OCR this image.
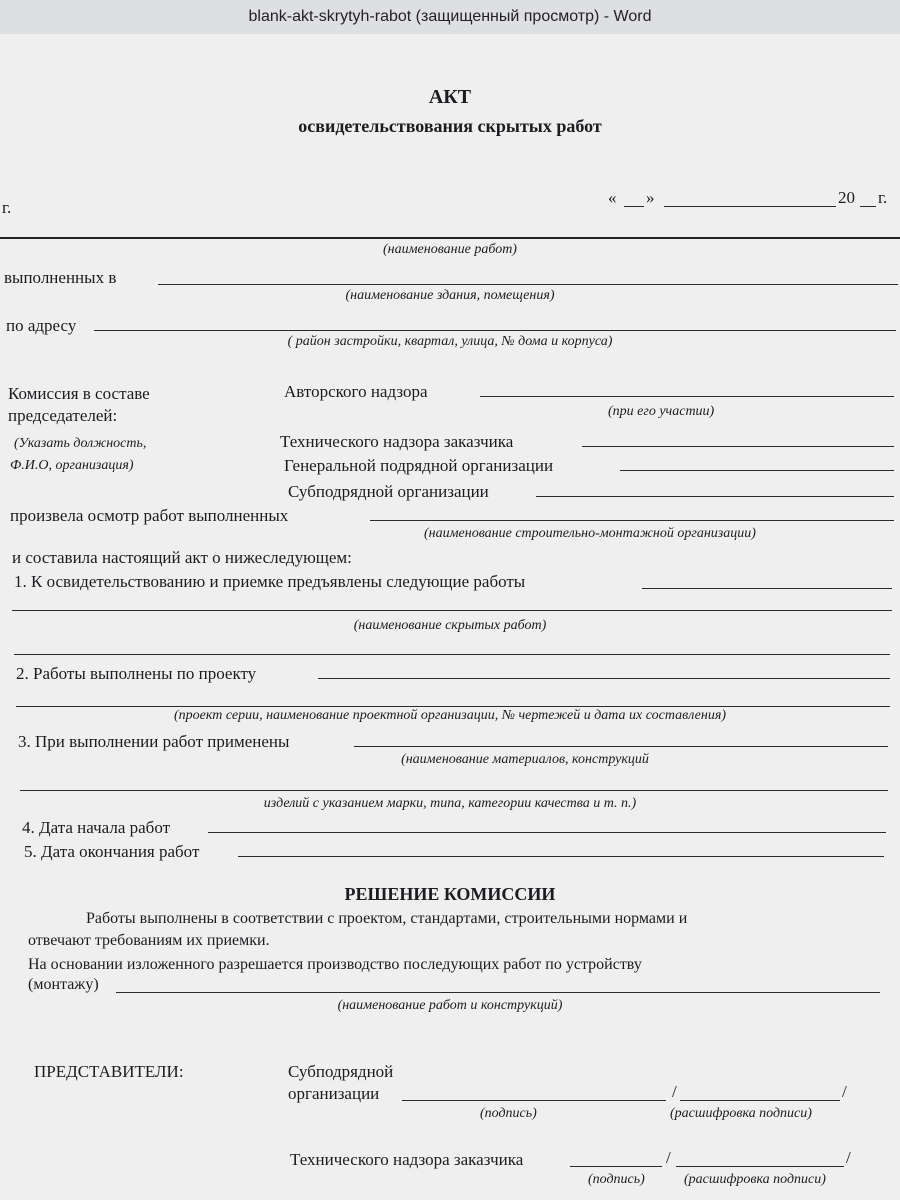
blank-akt-skrytyh-rabot (защищенный просмотр) - Word
АКТ
освидетельствования скрытых работ
г.
« »	20 г.
(наименование работ)
выполненных в
(наименование здания, помещения)
по адресу
( район застройки, квартал, улица, № дома и корпуса)
Комиссия в составе
председателей:
(Указать должность,
Ф.И.О, организация)
Авторского надзора
(при его участии)
Технического надзора заказчика
Генеральной подрядной организации
Субподрядной организации
произвела осмотр работ выполненных
(наименование строительно-монтажной организации)
и составила настоящий акт о нижеследующем:
1. К освидетельствованию и приемке предъявлены следующие работы
(наименование скрытых работ)
2. Работы выполнены по проекту
(проект серии, наименование проектной организации, № чертежей и дата их составления)
3. При выполнении работ применены
(наименование материалов, конструкций
изделий с указанием марки, типа, категории качества и т. п.)
4. Дата начала работ
5. Дата окончания работ
РЕШЕНИЕ КОМИССИИ
Работы выполнены в соответствии с проектом, стандартами, строительными нормами и
отвечают требованиям их приемки.
На основании изложенного разрешается производство последующих работ по устройству
(монтажу)
(наименование работ и конструкций)
ПРЕДСТАВИТЕЛИ:	Субподрядной
организации	/	/
(подпись)	(расшифровка подписи)
Технического надзора заказчика	/	/
(подпись)	(расшифровка подписи)
